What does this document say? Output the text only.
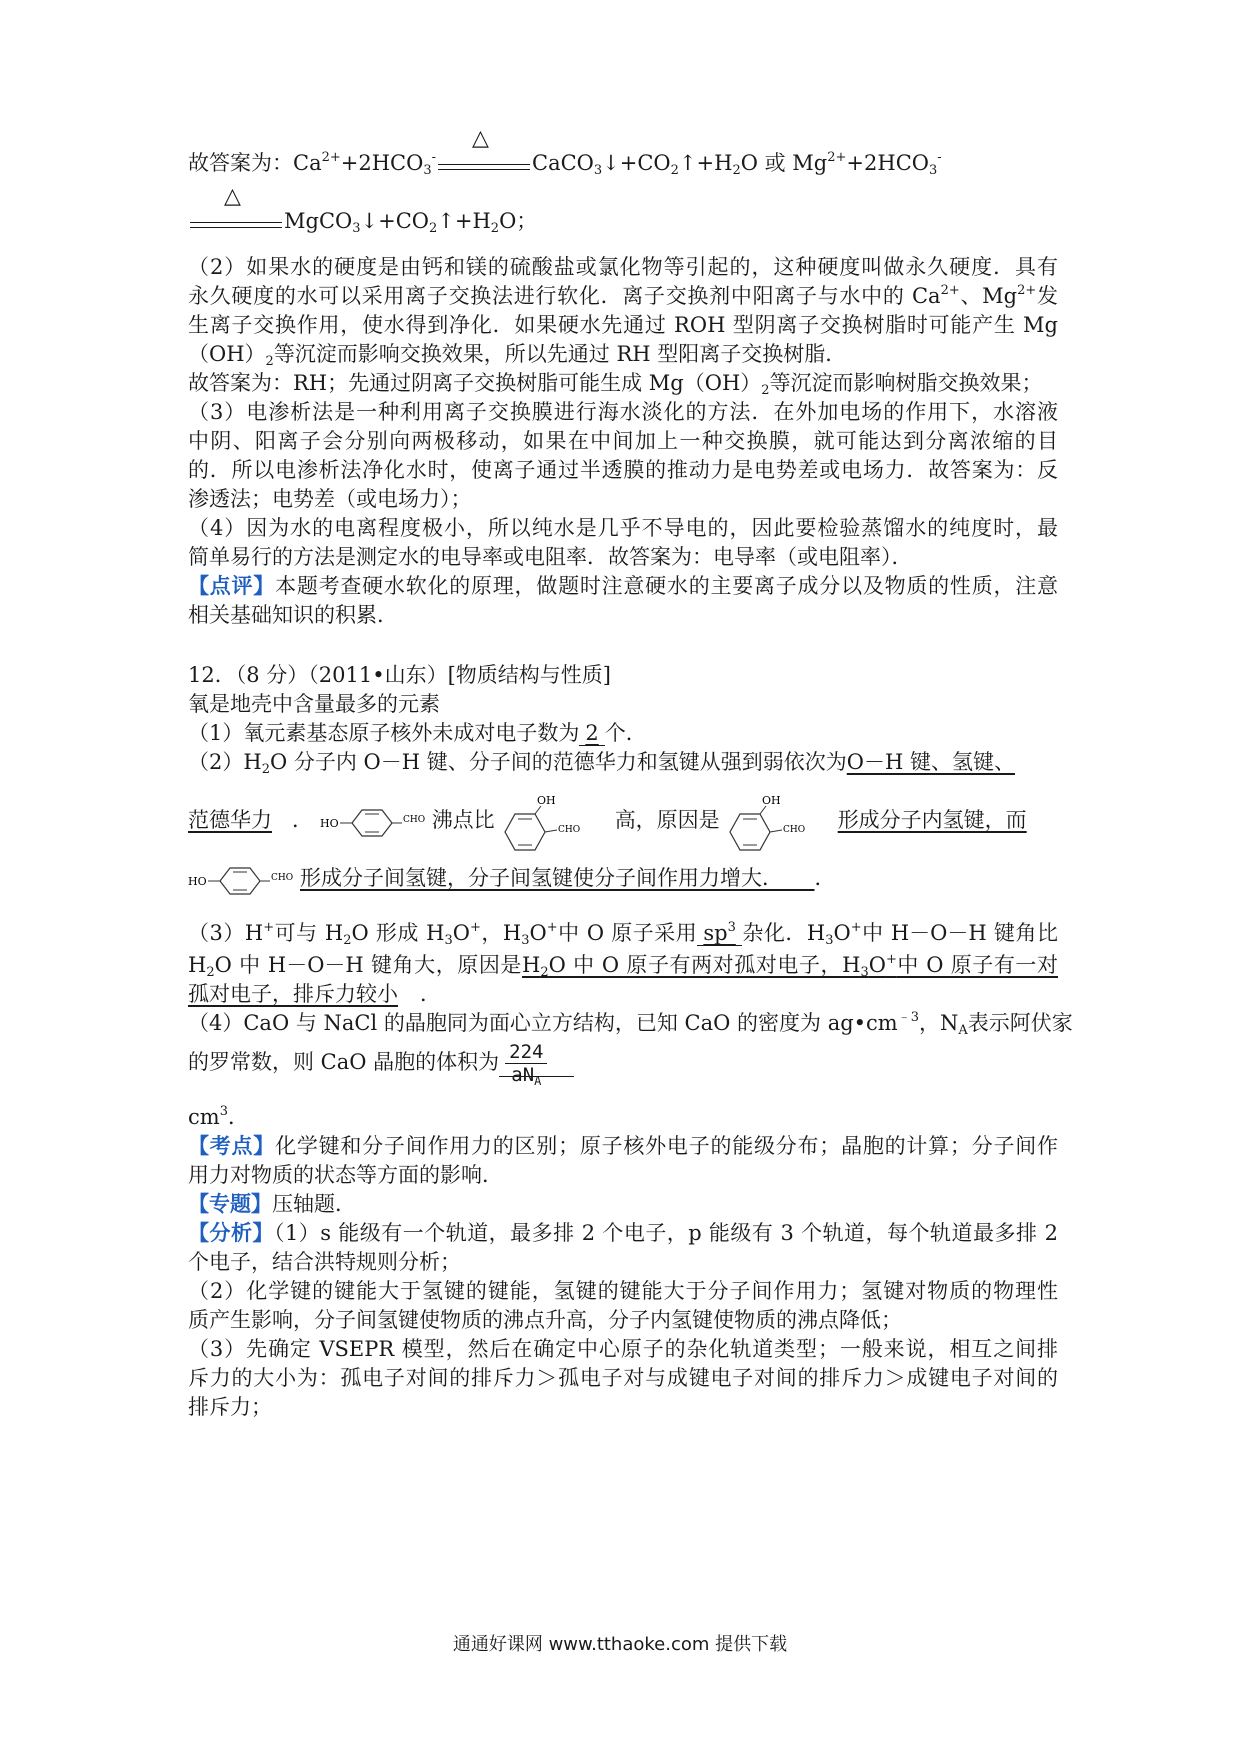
故答案为：$Ca^{2+}+2HCO_3^-$
△
$CaCO_3↓+CO_2↑+H_2O$ 或 $Mg^{2+}+2HCO_3^-$
△
$MgCO_3↓+CO_2↑+H_2O$；
（2）如果水的硬度是由钙和镁的硫酸盐或氯化物等引起的，这种硬度叫做永久硬度．具有
永久硬度的水可以采用离子交换法进行软化．离子交换剂中阳离子与水中的 $Ca^{2+}$、$Mg^{2+}$发
生离子交换作用，使水得到净化．如果硬水先通过 ROH 型阴离子交换树脂时可能产生 Mg
$(OH)_2$等沉淀而影响交换效果，所以先通过 RH 型阳离子交换树脂．
故答案为：RH；先通过阴离子交换树脂可能生成 $Mg(OH)_2$等沉淀而影响树脂交换效果；
（3）电渗析法是一种利用离子交换膜进行海水淡化的方法．在外加电场的作用下，水溶液
中阴、阳离子会分别向两极移动，如果在中间加上一种交换膜，就可能达到分离浓缩的目
的．所以电渗析法净化水时，使离子通过半透膜的推动力是电势差或电场力．故答案为：反
渗透法；电势差（或电场力）；
（4）因为水的电离程度极小，所以纯水是几乎不导电的，因此要检验蒸馏水的纯度时，最
简单易行的方法是测定水的电导率或电阻率．故答案为：电导率（或电阻率）．
【点评】本题考查硬水软化的原理，做题时注意硬水的主要离子成分以及物质的性质，注意
相关基础知识的积累．
12．（8 分）（2011•山东）[物质结构与性质]
氧是地壳中含量最多的元素
（1）氧元素基态原子核外未成对电子数为 2 个．
$(2)H_2O$ 分子内 O－H 键、分子间的范德华力和氢键从强到弱依次为O－H 键、氢键、
范德华力 ． HO	CHO 沸点比
OH
CHO 高，原因是
OH
CHO 形成分子内氢键，而
HO	CHO 形成分子间氢键，分子间氢键使分子间作用力增大．　　 ．
（3）H+可与 $H_2O$ 形成 $H_3O^+$，$H_3O^+$中 O 原子采用 $sp^3$ 杂化．$H_3O^+$中 H－O－H 键角比
$H_2O$ 中 H－O－H 键角大，原因是$H_2O$ 中 O 原子有两对孤对电子，$H_3O^+$中 O 原子有一对
孤对电子，排斥力较小 ．
（4）CaO 与 NaCl 的晶胞同为面心立方结构，已知 CaO 的密度为 $ag•cm^{﹣3}$，$N_A$表示阿伏家
的罗常数，则 CaO 晶胞的体积为 $\frac{224}{aN_A}$

$cm^3$．
【考点】化学键和分子间作用力的区别；原子核外电子的能级分布；晶胞的计算；分子间作
用力对物质的状态等方面的影响．
【专题】压轴题．
【分析】（1）s 能级有一个轨道，最多排 2 个电子，p 能级有 3 个轨道，每个轨道最多排 2
个电子，结合洪特规则分析；
（2）化学键的键能大于氢键的键能，氢键的键能大于分子间作用力；氢键对物质的物理性
质产生影响，分子间氢键使物质的沸点升高，分子内氢键使物质的沸点降低；
（3）先确定 VSEPR 模型，然后在确定中心原子的杂化轨道类型；一般来说，相互之间排
斥力的大小为：孤电子对间的排斥力＞孤电子对与成键电子对间的排斥力＞成键电子对间的
排斥力；
通通好课网 www.tthaoke.com 提供下载
